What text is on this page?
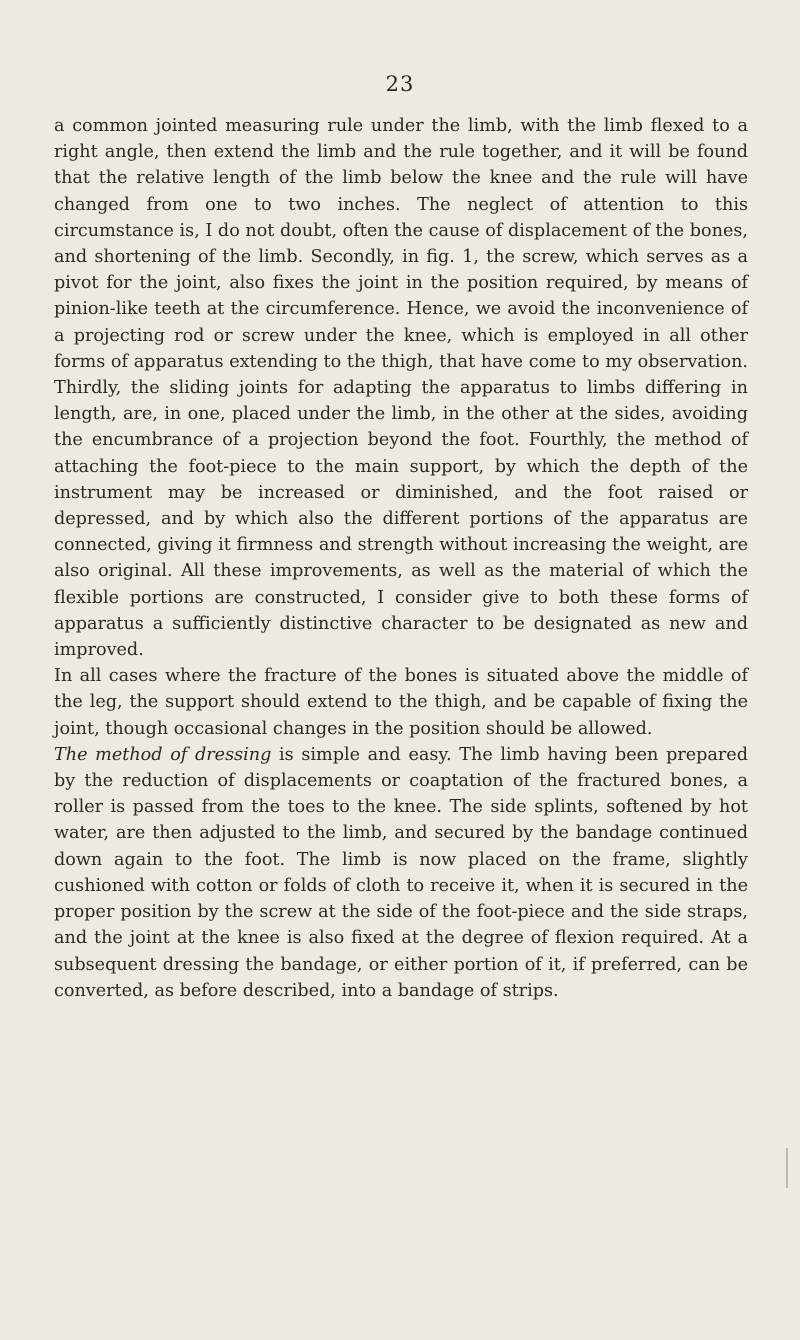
23

a common jointed measuring rule under the limb, with the limb flexed to a right angle, then extend the limb and the rule together, and it will be found that the relative length of the limb below the knee and the rule will have changed from one to two inches. The neglect of attention to this circumstance is, I do not doubt, often the cause of displacement of the bones, and shortening of the limb. Secondly, in fig. 1, the screw, which serves as a pivot for the joint, also fixes the joint in the position required, by means of pinion-like teeth at the circumference. Hence, we avoid the inconvenience of a projecting rod or screw under the knee, which is employed in all other forms of apparatus extending to the thigh, that have come to my observation. Thirdly, the sliding joints for adapting the apparatus to limbs differing in length, are, in one, placed under the limb, in the other at the sides, avoiding the encumbrance of a projection beyond the foot. Fourthly, the method of attaching the foot-piece to the main support, by which the depth of the instrument may be increased or diminished, and the foot raised or depressed, and by which also the different portions of the apparatus are connected, giving it firmness and strength without increasing the weight, are also original. All these improvements, as well as the material of which the flexible portions are constructed, I consider give to both these forms of apparatus a sufficiently distinctive character to be designated as new and improved.

In all cases where the fracture of the bones is situated above the middle of the leg, the support should extend to the thigh, and be capable of fixing the joint, though occasional changes in the position should be allowed.

The method of dressing is simple and easy. The limb having been prepared by the reduction of displacements or coaptation of the fractured bones, a roller is passed from the toes to the knee. The side splints, softened by hot water, are then adjusted to the limb, and secured by the bandage continued down again to the foot. The limb is now placed on the frame, slightly cushioned with cotton or folds of cloth to receive it, when it is secured in the proper position by the screw at the side of the foot-piece and the side straps, and the joint at the knee is also fixed at the degree of flexion required. At a subsequent dressing the bandage, or either portion of it, if preferred, can be converted, as before described, into a bandage of strips.
